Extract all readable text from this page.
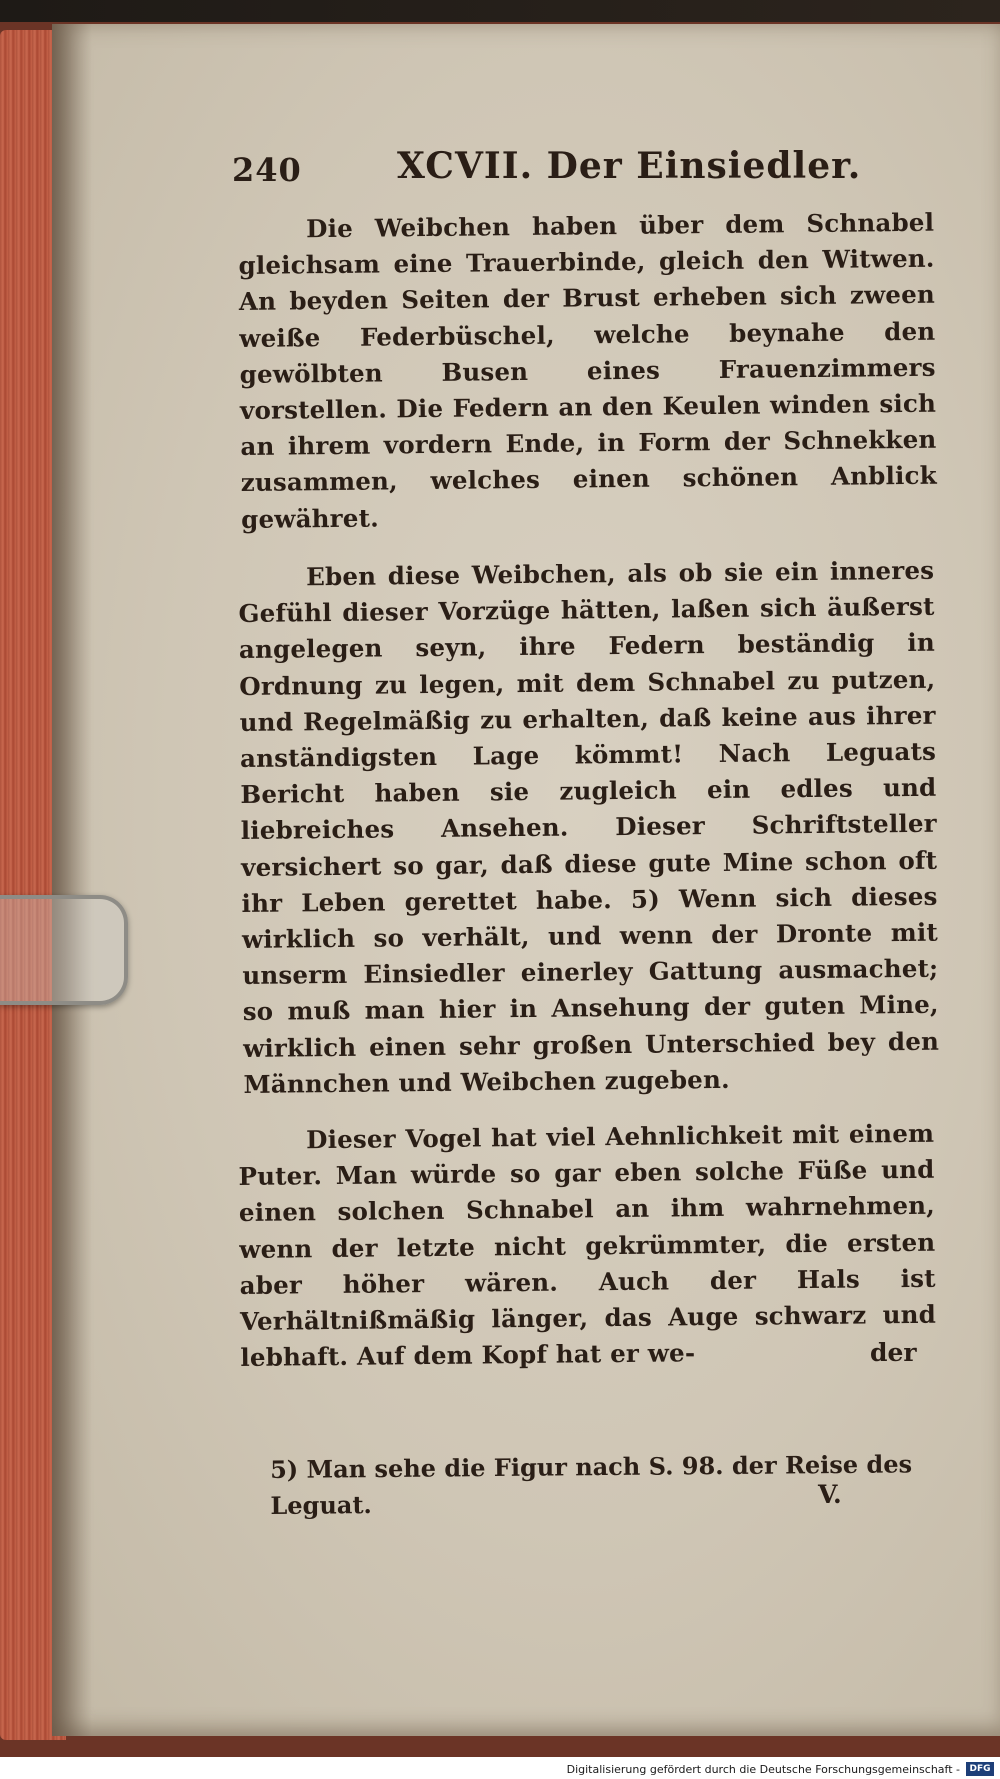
240	XCVII. Der Einsiedler.

Die Weibchen haben über dem Schnabel gleichsam eine Trauerbinde, gleich den Witwen. An beyden Seiten der Brust erheben sich zween weiße Federbüschel, welche beynahe den gewölbten Busen eines Frauenzimmers vorstellen. Die Federn an den Keulen winden sich an ihrem vordern Ende, in Form der Schnekken zusammen, welches einen schönen Anblick gewähret.

Eben diese Weibchen, als ob sie ein inneres Gefühl dieser Vorzüge hätten, laßen sich äußerst angelegen seyn, ihre Federn beständig in Ordnung zu legen, mit dem Schnabel zu putzen, und Regelmäßig zu erhalten, daß keine aus ihrer anständigsten Lage kömmt! Nach Leguats Bericht haben sie zugleich ein edles und liebreiches Ansehen. Dieser Schriftsteller versichert so gar, daß diese gute Mine schon oft ihr Leben gerettet habe. 5) Wenn sich dieses wirklich so verhält, und wenn der Dronte mit unserm Einsiedler einerley Gattung ausmachet; so muß man hier in Ansehung der guten Mine, wirklich einen sehr großen Unterschied bey den Männchen und Weibchen zugeben.

Dieser Vogel hat viel Aehnlichkeit mit einem Puter. Man würde so gar eben solche Füße und einen solchen Schnabel an ihm wahrnehmen, wenn der letzte nicht gekrümmter, die ersten aber höher wären. Auch der Hals ist Verhältnißmäßig länger, das Auge schwarz und lebhaft. Auf dem Kopf hat er we-	der
5) Man sehe die Figur nach S. 98. der Reise des Leguat.	V.
Digitalisierung gefördert durch die Deutsche Forschungsgemeinschaft -	DFG
